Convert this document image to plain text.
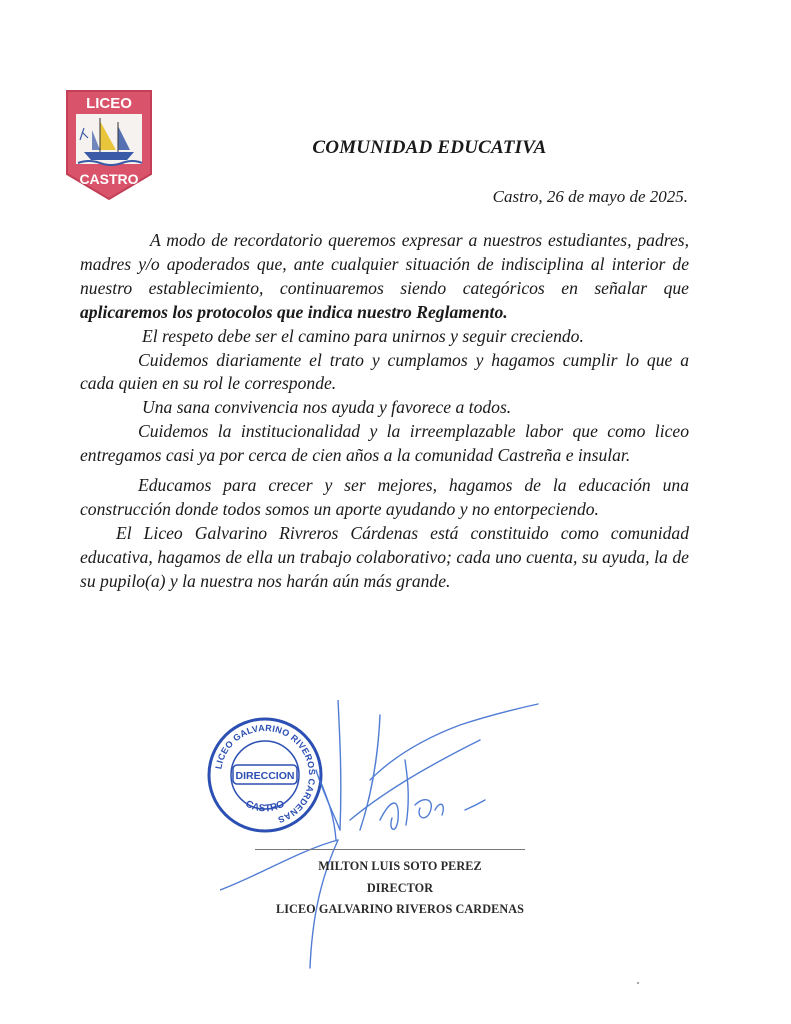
LICEO
CASTRO
COMUNIDAD EDUCATIVA
Castro, 26 de mayo de 2025.

A modo de recordatorio queremos expresar a nuestros estudiantes, padres, madres y/o apoderados que, ante cualquier situación de indisciplina al interior de nuestro establecimiento, continuaremos siendo categóricos en señalar que aplicaremos los protocolos que indica nuestro Reglamento.

El respeto debe ser el camino para unirnos y seguir creciendo.

Cuidemos diariamente el trato y cumplamos y hagamos cumplir lo que a cada quien en su rol le corresponde.

Una sana convivencia nos ayuda y favorece a todos.

Cuidemos la institucionalidad y la irreemplazable labor que como liceo entregamos casi ya por cerca de cien años a la comunidad Castreña e insular.

Educamos para crecer y ser mejores, hagamos de la educación una construcción donde todos somos un aporte ayudando y no entorpeciendo.

El Liceo Galvarino Rivreros Cárdenas está constituido como comunidad educativa, hagamos de ella un trabajo colaborativo; cada uno cuenta, su ayuda, la de su pupilo(a) y la nuestra nos harán aún más grande.

LICEO GALVARINO RIVEROS CARDENAS
DIRECCION
CASTRO
MILTON LUIS SOTO PEREZ
DIRECTOR
LICEO GALVARINO RIVEROS CARDENAS
